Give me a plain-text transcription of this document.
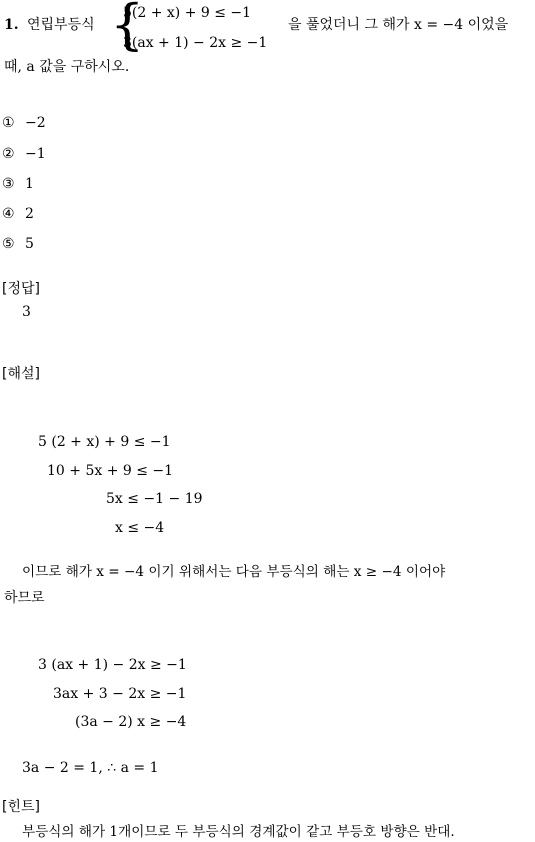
1. 연립부등식 {
5(2 + x) + 9 ≤ −1
3(ax + 1) − 2x ≥ −1
을 풀었더니 그 해가 x = −4 이었을
때, a 값을 구하시오.
① −2
② −1
③ 1
④ 2
⑤ 5
[정답]
3
[해설]
5 (2 + x) + 9 ≤ −1
10 + 5x + 9 ≤ −1
5x ≤ −1 − 19
x ≤ −4
이므로 해가 x = −4 이기 위해서는 다음 부등식의 해는 x ≥ −4 이어야
하므로
3 (ax + 1) − 2x ≥ −1
3ax + 3 − 2x ≥ −1
(3a − 2) x ≥ −4
3a − 2 = 1, ∴ a = 1
[힌트]
부등식의 해가 1개이므로 두 부등식의 경계값이 같고 부등호 방향은 반대.
